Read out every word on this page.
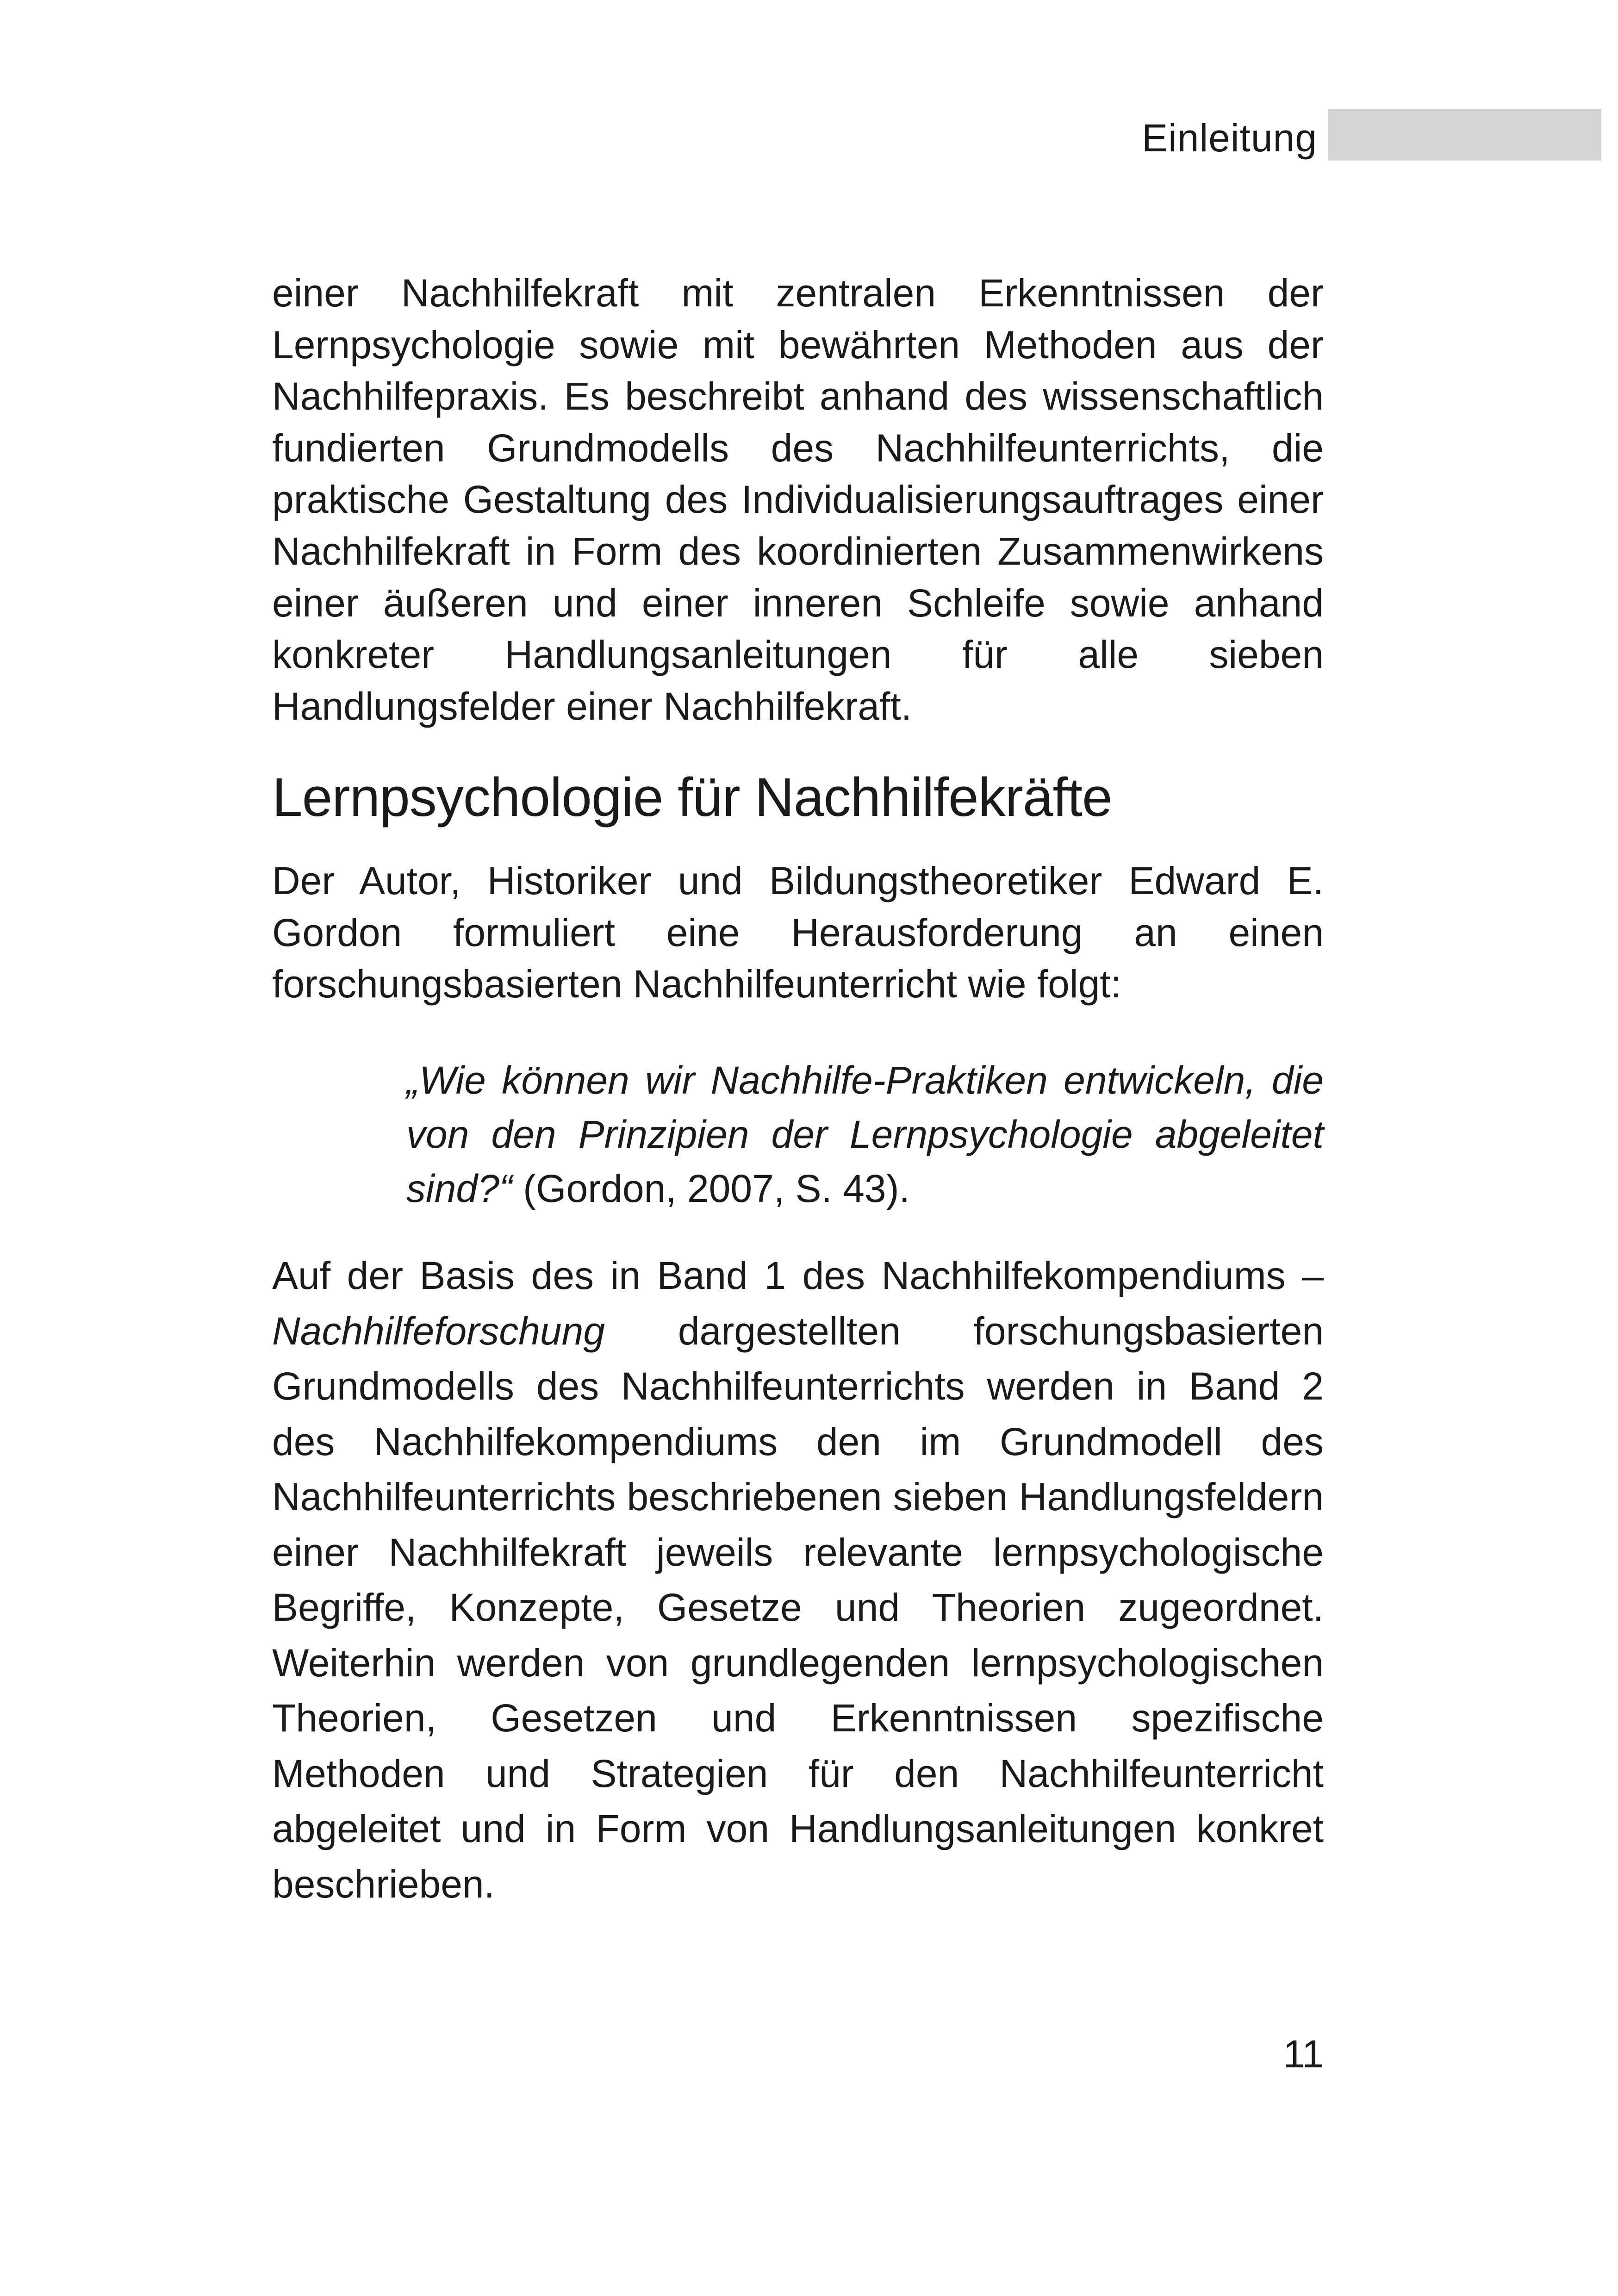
Einleitung

einer Nachhilfekraft mit zentralen Erkenntnissen der Lernpsychologie sowie mit bewährten Methoden aus der Nachhilfepraxis. Es beschreibt anhand des wissenschaftlich fundierten Grundmodells des Nachhilfeunterrichts, die praktische Gestaltung des Individualisierungsauftrages einer Nachhilfekraft in Form des koordinierten Zusammenwirkens einer äußeren und einer inneren Schleife sowie anhand konkreter Handlungsanleitungen für alle sieben Handlungsfelder einer Nachhilfekraft.

Lernpsychologie für Nachhilfekräfte

Der Autor, Historiker und Bildungstheoretiker Edward E. Gordon formuliert eine Herausforderung an einen forschungsbasierten Nachhilfeunterricht wie folgt:

„Wie können wir Nachhilfe-Praktiken entwickeln, die von den Prinzipien der Lernpsychologie abgeleitet sind?“ (Gordon, 2007, S. 43).

Auf der Basis des in Band 1 des Nachhilfekompendiums – Nachhilfeforschung dargestellten forschungsbasierten Grundmodells des Nachhilfeunterrichts werden in Band 2 des Nachhilfekompendiums den im Grundmodell des Nachhilfeunterrichts beschriebenen sieben Handlungsfeldern einer Nachhilfekraft jeweils relevante lernpsychologische Begriffe, Konzepte, Gesetze und Theorien zugeordnet. Weiterhin werden von grundlegenden lernpsychologischen Theorien, Gesetzen und Erkenntnissen spezifische Methoden und Strategien für den Nachhilfeunterricht abgeleitet und in Form von Handlungsanleitungen konkret beschrieben.

11
